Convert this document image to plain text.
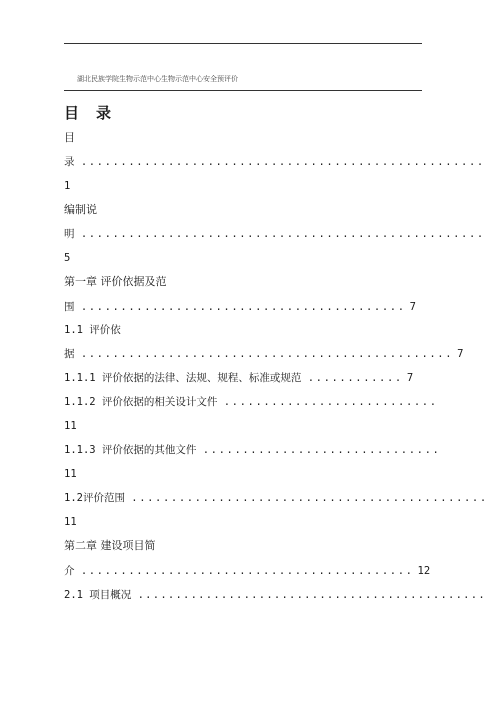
湖北民族学院生物示范中心生物示范中心安全预评价
目录
目
录 ...................................................
1
编制说
明 ...................................................
5
第一章 评价依据及范
围 ......................................... 7
1.1 评价依
据 ............................................... 7
1.1.1 评价依据的法律、法规、规程、标准或规范 ............ 7
1.1.2 评价依据的相关设计文件 ...........................
11
1.1.3 评价依据的其他文件 ..............................
11
1.2评价范围 .............................................
11
第二章 建设项目简
介 .......................................... 12
2.1 项目概况 ..............................................
